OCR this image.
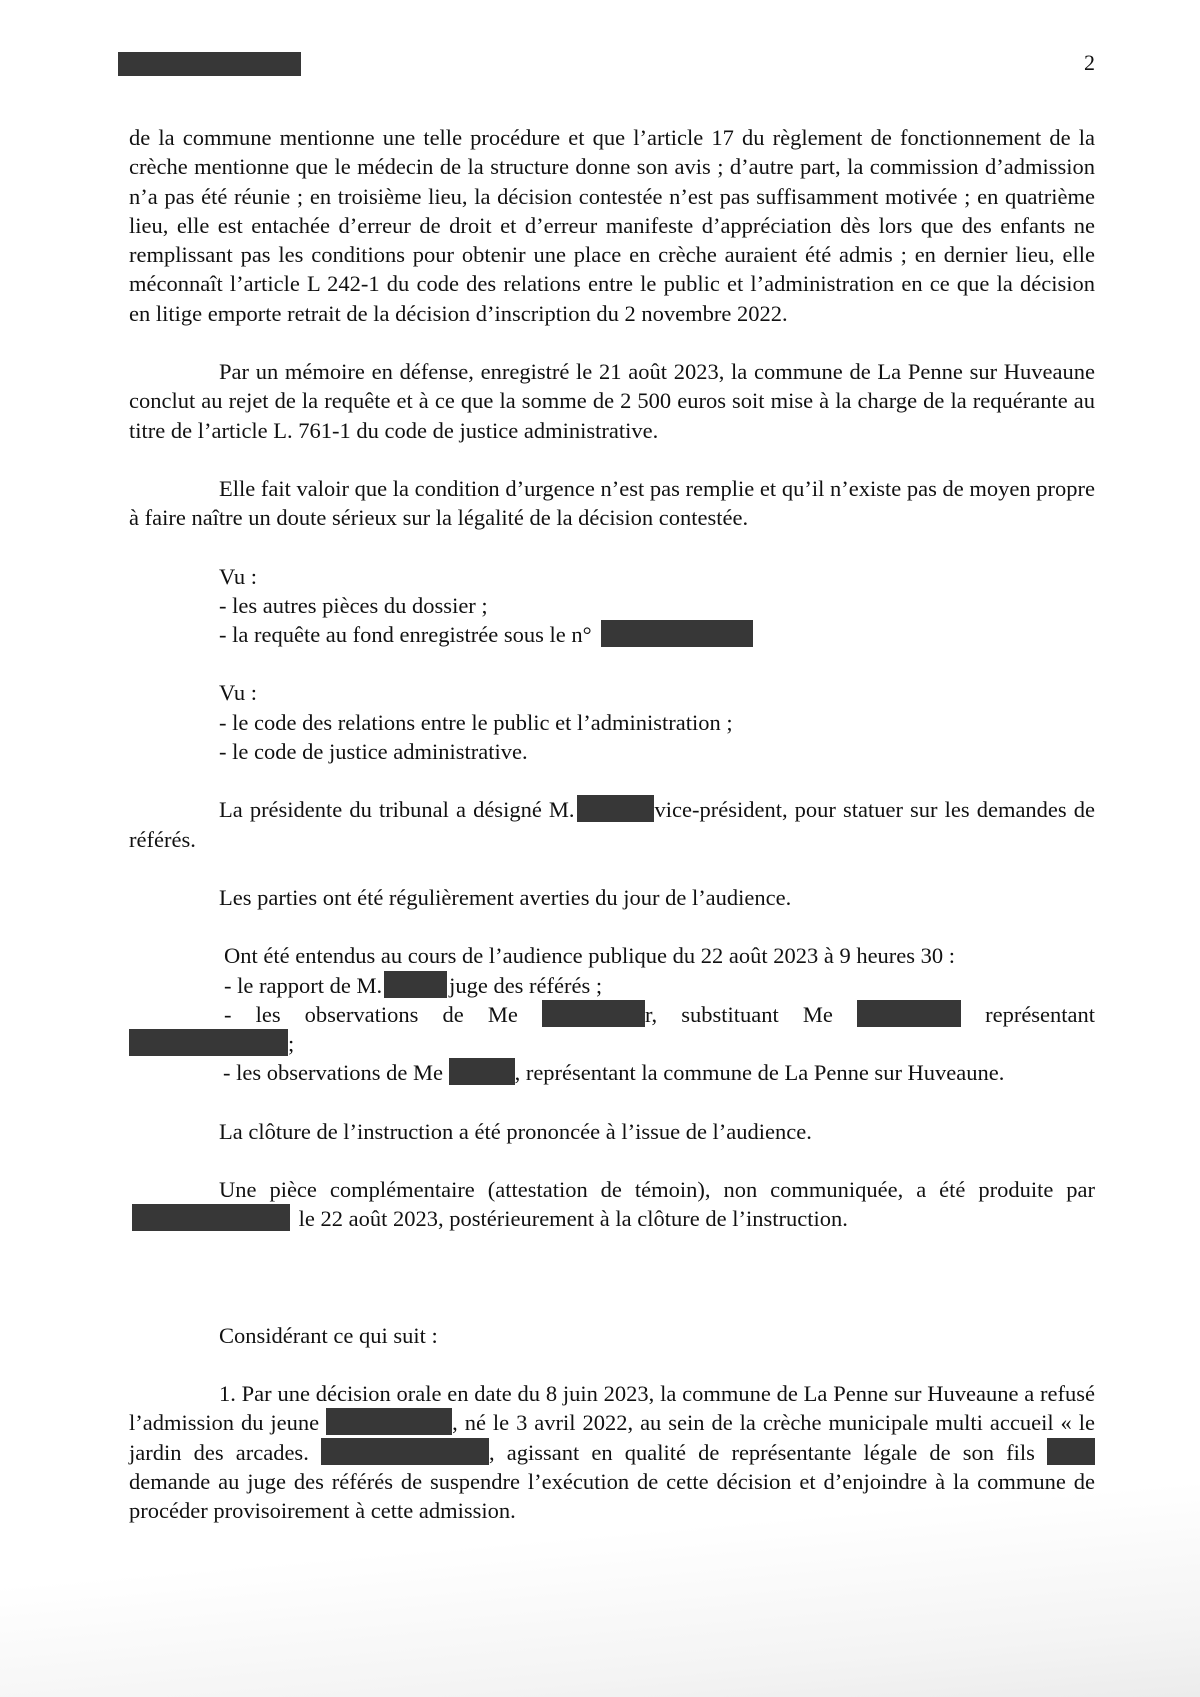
2

de la commune mentionne une telle procédure et que l’article 17 du règlement de fonctionnement de la crèche mentionne que le médecin de la structure donne son avis ; d’autre part, la commission d’admission n’a pas été réunie ; en troisième lieu, la décision contestée n’est pas suffisamment motivée ; en quatrième lieu, elle est entachée d’erreur de droit et d’erreur manifeste d’appréciation dès lors que des enfants ne remplissant pas les conditions pour obtenir une place en crèche auraient été admis ; en dernier lieu, elle méconnaît l’article L 242-1 du code des relations entre le public et l’administration en ce que la décision en litige emporte retrait de la décision d’inscription du 2 novembre 2022.

Par un mémoire en défense, enregistré le 21 août 2023, la commune de La Penne sur Huveaune conclut au rejet de la requête et à ce que la somme de 2 500 euros soit mise à la charge de la requérante au titre de l’article L. 761-1 du code de justice administrative.

Elle fait valoir que la condition d’urgence n’est pas remplie et qu’il n’existe pas de moyen propre à faire naître un doute sérieux sur la légalité de la décision contestée.

Vu :
- les autres pièces du dossier ;
- la requête au fond enregistrée sous le n°
Vu :
- le code des relations entre le public et l’administration ;
- le code de justice administrative.

La présidente du tribunal a désigné M.	vice-président, pour statuer sur les demandes de référés.

Les parties ont été régulièrement averties du jour de l’audience.

Ont été entendus au cours de l’audience publique du 22 août 2023 à 9 heures 30 :
- le rapport de M.	juge des référés ;
- les observations de Me	r, substituant Me	représentant
;
- les observations de Me	, représentant la commune de La Penne sur Huveaune.

La clôture de l’instruction a été prononcée à l’issue de l’audience.

Une pièce complémentaire (attestation de témoin), non communiquée, a été produite par  le 22 août 2023, postérieurement à la clôture de l’instruction.

Considérant ce qui suit :

1. Par une décision orale en date du 8 juin 2023, la commune de La Penne sur Huveaune a refusé l’admission du jeune	, né le 3 avril 2022, au sein de la crèche municipale multi accueil « le jardin des arcades.	, agissant en qualité de représentante légale de son fils  demande au juge des référés de suspendre l’exécution de cette décision et d’enjoindre à la commune de procéder provisoirement à cette admission.
